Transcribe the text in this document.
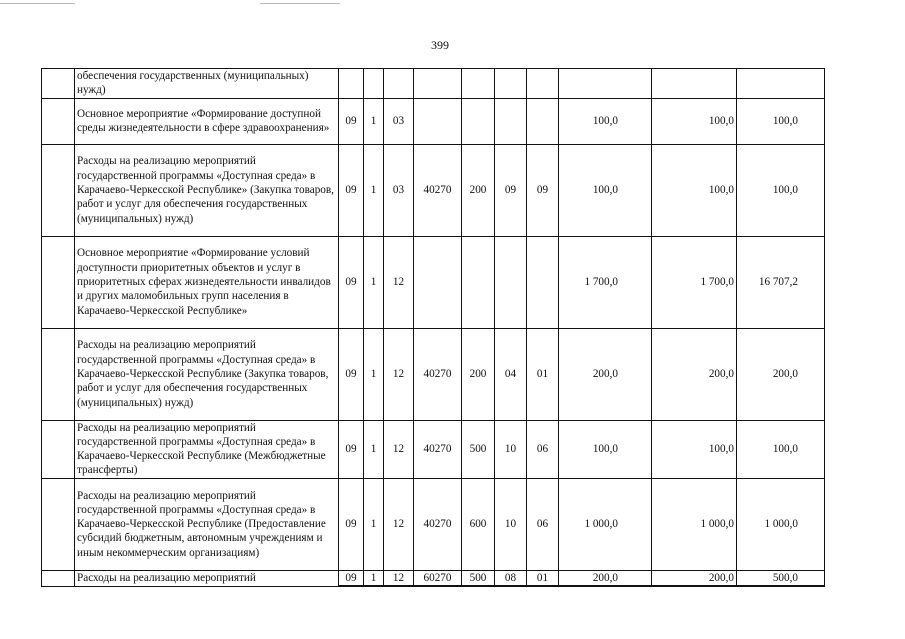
399
	обеспечения государственных (муниципальных) нужд)										
	Основное мероприятие «Формирование доступной среды жизнедеятельности в сфере здравоохранения»	09	1	03					100,0	100,0	100,0
	Расходы на реализацию мероприятий государственной программы «Доступная среда» в Карачаево-Черкесской Республике» (Закупка товаров, работ и услуг для обеспечения государственных (муниципальных) нужд)	09	1	03	40270	200	09	09	100,0	100,0	100,0
	Основное мероприятие «Формирование условий доступности приоритетных объектов и услуг в приоритетных сферах жизнедеятельности инвалидов и других маломобильных групп населения в Карачаево-Черкесской Республике»	09	1	12					1 700,0	1 700,0	16 707,2
	Расходы на реализацию мероприятий государственной программы «Доступная среда» в Карачаево-Черкесской Республике (Закупка товаров, работ и услуг для обеспечения государственных (муниципальных) нужд)	09	1	12	40270	200	04	01	200,0	200,0	200,0
	Расходы на реализацию мероприятий государственной программы «Доступная среда» в Карачаево-Черкесской Республике (Межбюджетные трансферты)	09	1	12	40270	500	10	06	100,0	100,0	100,0
	Расходы на реализацию мероприятий государственной программы «Доступная среда» в Карачаево-Черкесской Республике (Предоставление субсидий бюджетным, автономным учреждениям и иным некоммерческим организациям)	09	1	12	40270	600	10	06	1 000,0	1 000,0	1 000,0
	Расходы на реализацию мероприятий	09	1	12	60270	500	08	01	200,0	200,0	500,0
